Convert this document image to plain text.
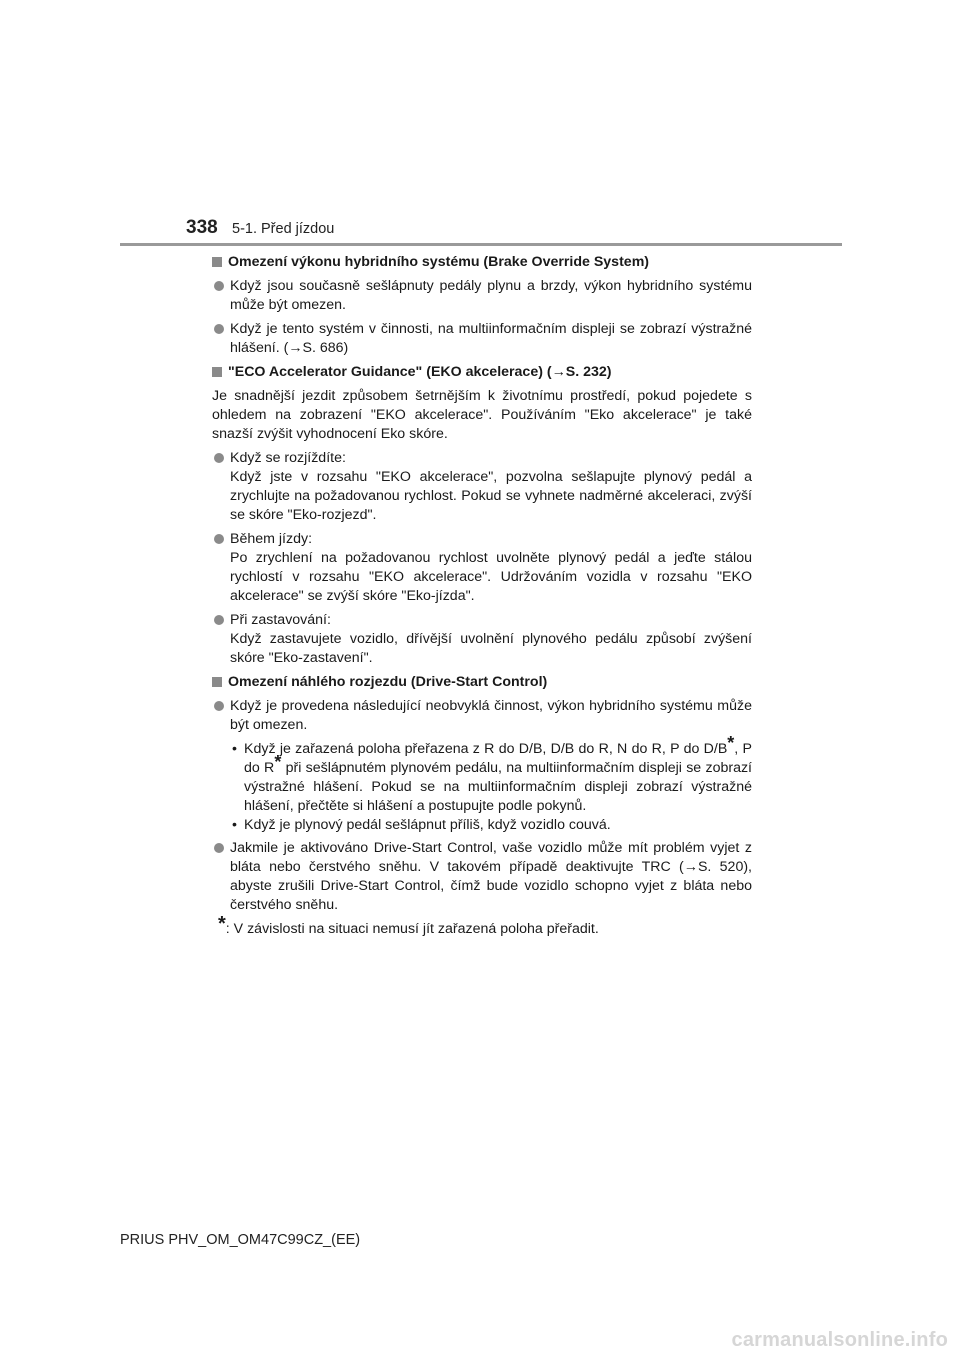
338 5-1. Před jízdou
Omezení výkonu hybridního systému (Brake Override System)
Když jsou současně sešlápnuty pedály plynu a brzdy, výkon hybridního systému může být omezen.
Když je tento systém v činnosti, na multiinformačním displeji se zobrazí výstražné hlášení. (→S. 686)
"ECO Accelerator Guidance" (EKO akcelerace) (→S. 232)
Je snadnější jezdit způsobem šetrnějším k životnímu prostředí, pokud pojedete s ohledem na zobrazení "EKO akcelerace". Používáním "Eko akcelerace" je také snazší zvýšit vyhodnocení Eko skóre.
Když se rozjíždíte:
Když jste v rozsahu "EKO akcelerace", pozvolna sešlapujte plynový pedál a zrychlujte na požadovanou rychlost. Pokud se vyhnete nadměrné akceleraci, zvýší se skóre "Eko-rozjezd".
Během jízdy:
Po zrychlení na požadovanou rychlost uvolněte plynový pedál a jeďte stálou rychlostí v rozsahu "EKO akcelerace". Udržováním vozidla v rozsahu "EKO akcelerace" se zvýší skóre "Eko-jízda".
Při zastavování:
Když zastavujete vozidlo, dřívější uvolnění plynového pedálu způsobí zvýšení skóre "Eko-zastavení".
Omezení náhlého rozjezdu (Drive-Start Control)
Když je provedena následující neobvyklá činnost, výkon hybridního systému může být omezen.
• Když je zařazená poloha přeřazena z R do D/B, D/B do R, N do R, P do D/B*, P do R* při sešlápnutém plynovém pedálu, na multiinformačním displeji se zobrazí výstražné hlášení. Pokud se na multiinformačním displeji zobrazí výstražné hlášení, přečtěte si hlášení a postupujte podle pokynů.
• Když je plynový pedál sešlápnut příliš, když vozidlo couvá.
Jakmile je aktivováno Drive-Start Control, vaše vozidlo může mít problém vyjet z bláta nebo čerstvého sněhu. V takovém případě deaktivujte TRC (→S. 520), abyste zrušili Drive-Start Control, čímž bude vozidlo schopno vyjet z bláta nebo čerstvého sněhu.
*: V závislosti na situaci nemusí jít zařazená poloha přeřadit.
PRIUS PHV_OM_OM47C99CZ_(EE)
carmanualsonline.info
